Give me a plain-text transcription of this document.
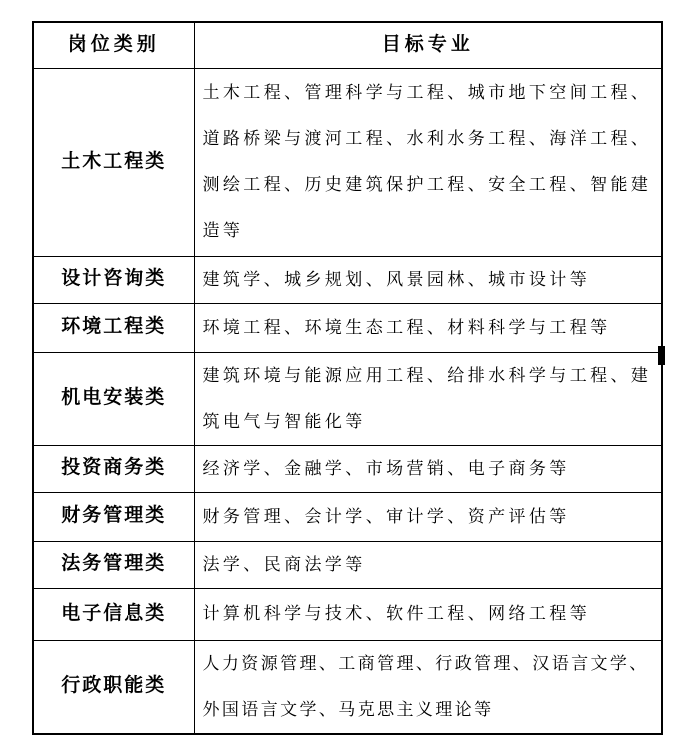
岗位类别	目标专业
土木工程类	土木工程、管理科学与工程、城市地下空间工程、道路桥梁与渡河工程、水利水务工程、海洋工程、测绘工程、历史建筑保护工程、安全工程、智能建造等
设计咨询类	建筑学、城乡规划、风景园林、城市设计等
环境工程类	环境工程、环境生态工程、材料科学与工程等
机电安装类	建筑环境与能源应用工程、给排水科学与工程、建筑电气与智能化等
投资商务类	经济学、金融学、市场营销、电子商务等
财务管理类	财务管理、会计学、审计学、资产评估等
法务管理类	法学、民商法学等
电子信息类	计算机科学与技术、软件工程、网络工程等
行政职能类	人力资源管理、工商管理、行政管理、汉语言文学、外国语言文学、马克思主义理论等
